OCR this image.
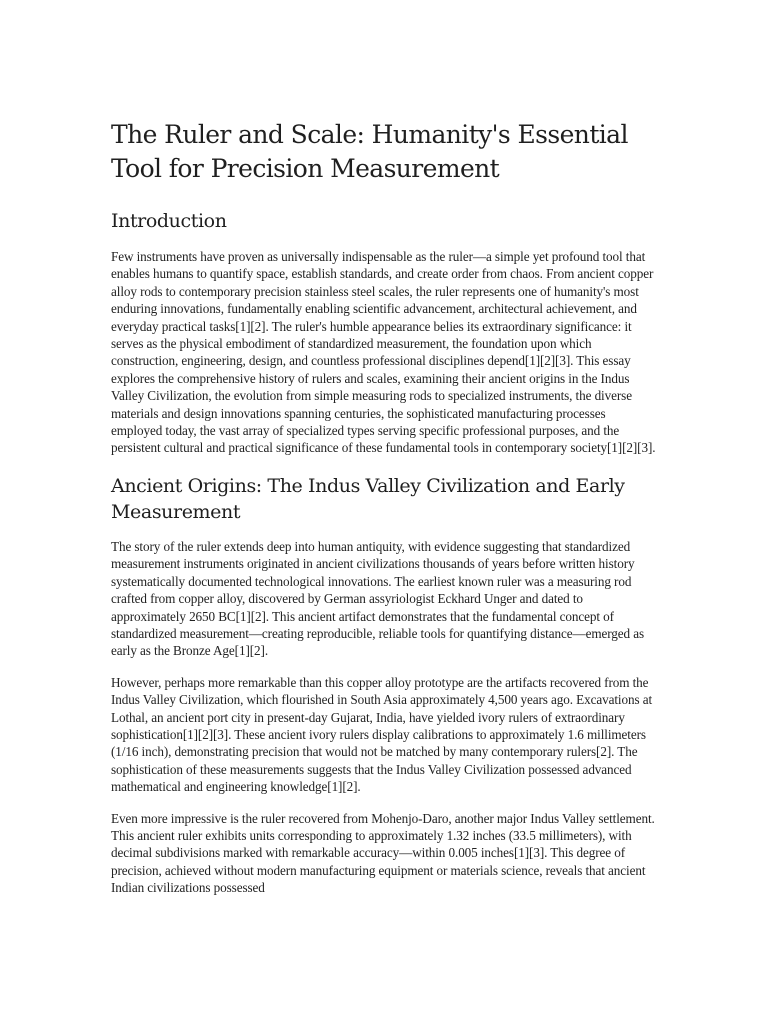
The Ruler and Scale: Humanity's Essential Tool for Precision Measurement
Introduction

Few instruments have proven as universally indispensable as the ruler—a simple yet profound tool that enables humans to quantify space, establish standards, and create order from chaos. From ancient copper alloy rods to contemporary precision stainless steel scales, the ruler represents one of humanity's most enduring innovations, fundamentally enabling scientific advancement, architectural achievement, and everyday practical tasks[1][2]. The ruler's humble appearance belies its extraordinary significance: it serves as the physical embodiment of standardized measurement, the foundation upon which construction, engineering, design, and countless professional disciplines depend[1][2][3]. This essay explores the comprehensive history of rulers and scales, examining their ancient origins in the Indus Valley Civilization, the evolution from simple measuring rods to specialized instruments, the diverse materials and design innovations spanning centuries, the sophisticated manufacturing processes employed today, the vast array of specialized types serving specific professional purposes, and the persistent cultural and practical significance of these fundamental tools in contemporary society[1][2][3].

Ancient Origins: The Indus Valley Civilization and Early Measurement

The story of the ruler extends deep into human antiquity, with evidence suggesting that standardized measurement instruments originated in ancient civilizations thousands of years before written history systematically documented technological innovations. The earliest known ruler was a measuring rod crafted from copper alloy, discovered by German assyriologist Eckhard Unger and dated to approximately 2650 BC[1][2]. This ancient artifact demonstrates that the fundamental concept of standardized measurement—creating reproducible, reliable tools for quantifying distance—emerged as early as the Bronze Age[1][2].

However, perhaps more remarkable than this copper alloy prototype are the artifacts recovered from the Indus Valley Civilization, which flourished in South Asia approximately 4,500 years ago. Excavations at Lothal, an ancient port city in present-day Gujarat, India, have yielded ivory rulers of extraordinary sophistication[1][2][3]. These ancient ivory rulers display calibrations to approximately 1.6 millimeters (1/16 inch), demonstrating precision that would not be matched by many contemporary rulers[2]. The sophistication of these measurements suggests that the Indus Valley Civilization possessed advanced mathematical and engineering knowledge[1][2].

Even more impressive is the ruler recovered from Mohenjo-Daro, another major Indus Valley settlement. This ancient ruler exhibits units corresponding to approximately 1.32 inches (33.5 millimeters), with decimal subdivisions marked with remarkable accuracy—within 0.005 inches[1][3]. This degree of precision, achieved without modern manufacturing equipment or materials science, reveals that ancient Indian civilizations possessed
